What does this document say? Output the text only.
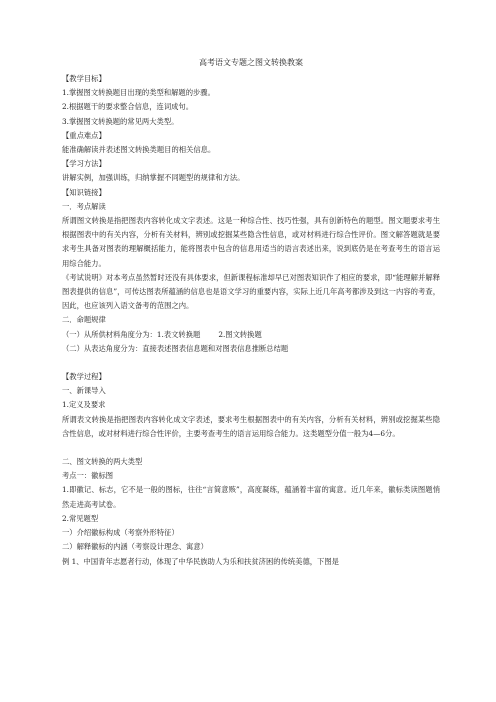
高考语文专题之图文转换教案
【教学目标】
1.掌握图文转换题目出现的类型和解题的步骤。
2.根据题干的要求整合信息，连词成句。
3.掌握图文转换题的常见两大类型。
【重点难点】
能准确解读并表述图文转换类题目的相关信息。
【学习方法】
讲解实例，加强训练，归纳掌握不同题型的规律和方法。
【知识链接】
一．考点解读
所谓图文转换是指把图表内容转化成文字表述。这是一种综合性、技巧性强，具有创新特色的题型。图文题要求考生根据图表中的有关内容，分析有关材料，辨别或挖掘某些隐含性信息，或对材料进行综合性评价。图文解答题就是要求考生具备对图表的理解概括能力，能将图表中包含的信息用适当的语言表述出来，说到底仍是在考查考生的语言运用综合能力。
《考试说明》对本考点虽然暂时还没有具体要求，但新课程标准却早已对图表知识作了相应的要求，即“能理解并解释图表提供的信息”，可传达图表所蕴涵的信息也是语文学习的重要内容，实际上近几年高考都涉及到这一内容的考查，因此，也应该列入语文备考的范围之内。
二．命题规律
（一）从所供材料角度分为：1.表文转换题 2.图文转换题
（二）从表达角度分为：直接表述图表信息题和对图表信息推断总结题
【教学过程】
一、新课导入
1.定义及要求
所谓表文转换是指把图表内容转化成文字表述，要求考生根据图表中的有关内容，分析有关材料，辨别或挖掘某些隐含性信息，或对材料进行综合性评价，主要考查考生的语言运用综合能力。这类题型分值一般为4—6分。
二、图文转换的两大类型
考点一：徽标图
1.即徽记、标志，它不是一般的图标，往往“言简意赅”，高度凝练，蕴涵着丰富的寓意。近几年来，徽标类读图题悄然走进高考试卷。
2.常见题型
一）介绍徽标构成（考察外形特征）
二）解释徽标的内涵（考察设计理念、寓意）
例 1、中国青年志愿者行动，体现了中华民族助人为乐和扶贫济困的传统美德，下图是
